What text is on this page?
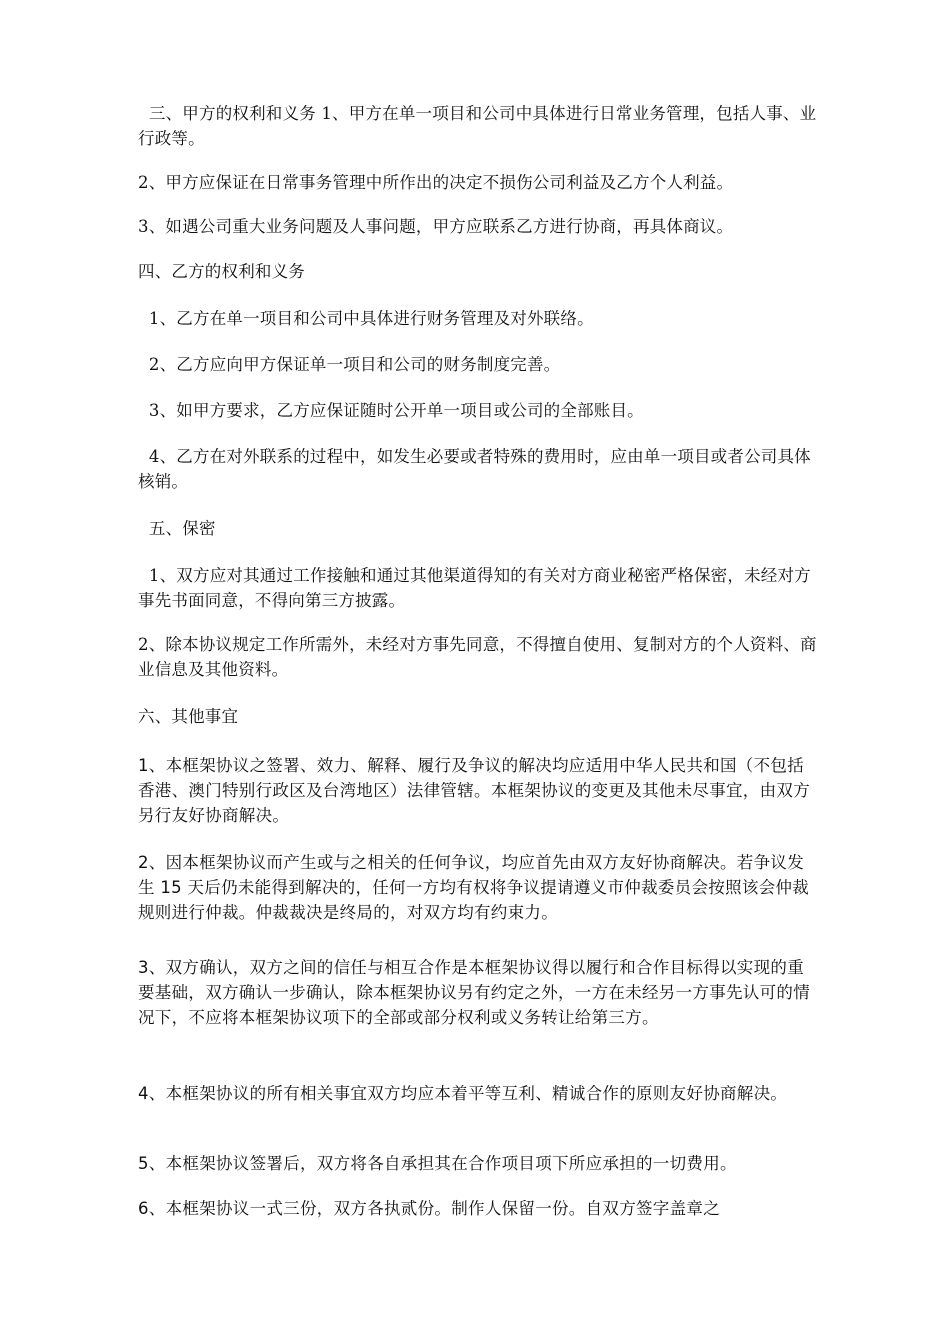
三、甲方的权利和义务 1、甲方在单一项目和公司中具体进行日常业务管理，包括人事、业行政等。

2、甲方应保证在日常事务管理中所作出的决定不损伤公司利益及乙方个人利益。

3、如遇公司重大业务问题及人事问题，甲方应联系乙方进行协商，再具体商议。

四、乙方的权利和义务

1、乙方在单一项目和公司中具体进行财务管理及对外联络。

2、乙方应向甲方保证单一项目和公司的财务制度完善。

3、如甲方要求，乙方应保证随时公开单一项目或公司的全部账目。

4、乙方在对外联系的过程中，如发生必要或者特殊的费用时，应由单一项目或者公司具体核销。

五、保密

1、双方应对其通过工作接触和通过其他渠道得知的有关对方商业秘密严格保密，未经对方事先书面同意，不得向第三方披露。

2、除本协议规定工作所需外，未经对方事先同意，不得擅自使用、复制对方的个人资料、商业信息及其他资料。

六、其他事宜

1、本框架协议之签署、效力、解释、履行及争议的解决均应适用中华人民共和国（不包括香港、澳门特别行政区及台湾地区）法律管辖。本框架协议的变更及其他未尽事宜，由双方另行友好协商解决。

2、因本框架协议而产生或与之相关的任何争议，均应首先由双方友好协商解决。若争议发生 15 天后仍未能得到解决的，任何一方均有权将争议提请遵义市仲裁委员会按照该会仲裁规则进行仲裁。仲裁裁决是终局的，对双方均有约束力。

3、双方确认，双方之间的信任与相互合作是本框架协议得以履行和合作目标得以实现的重要基础，双方确认一步确认，除本框架协议另有约定之外，一方在未经另一方事先认可的情况下，不应将本框架协议项下的全部或部分权利或义务转让给第三方。

4、本框架协议的所有相关事宜双方均应本着平等互利、精诚合作的原则友好协商解决。

5、本框架协议签署后，双方将各自承担其在合作项目项下所应承担的一切费用。

6、本框架协议一式三份，双方各执贰份。制作人保留一份。自双方签字盖章之
